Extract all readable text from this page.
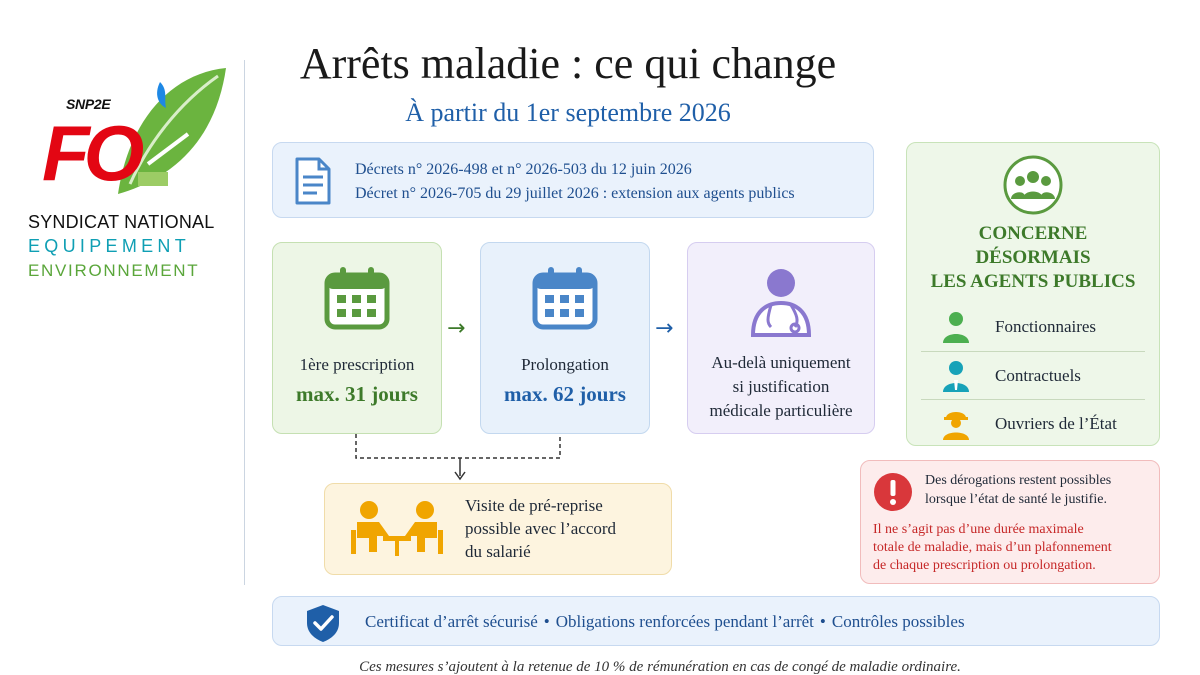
SNP2E
FO
SYNDICAT NATIONAL
EQUIPEMENT
ENVIRONNEMENT
Arrêts maladie : ce qui change
À partir du 1er septembre 2026
Décrets n° 2026-498 et n° 2026-503 du 12 juin 2026
Décret n° 2026-705 du 29 juillet 2026 : extension aux agents publics
1ère prescription
max. 31 jours
→
Prolongation
max. 62 jours
→
Au-delà uniquement
si justification
médicale particulière
Visite de pré-reprise
possible avec l’accord
du salarié
CONCERNE
DÉSORMAIS
LES AGENTS PUBLICS
Fonctionnaires
Contractuels
Ouvriers de l’État
Des dérogations restent possibles
lorsque l’état de santé le justifie.
Il ne s’agit pas d’une durée maximale
totale de maladie, mais d’un plafonnement
de chaque prescription ou prolongation.
Certificat d’arrêt sécurisé • Obligations renforcées pendant l’arrêt • Contrôles possibles
Ces mesures s’ajoutent à la retenue de 10 % de rémunération en cas de congé de maladie ordinaire.
